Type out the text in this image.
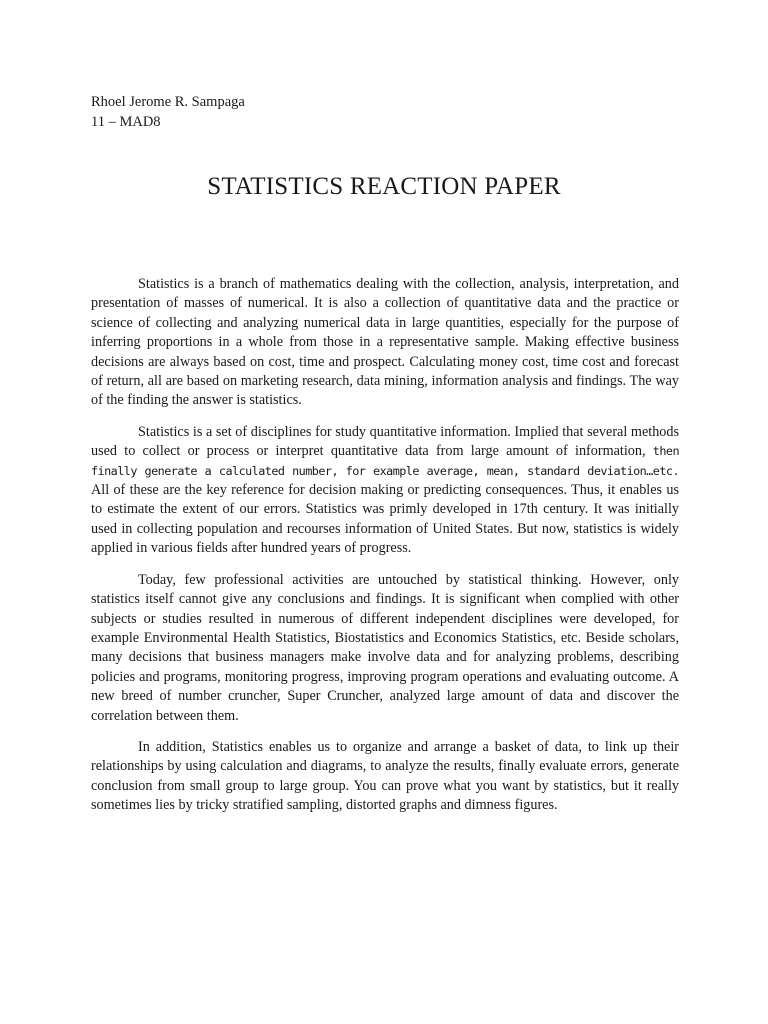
Rhoel Jerome R. Sampaga
11 – MAD8
STATISTICS REACTION PAPER

Statistics is a branch of mathematics dealing with the collection, analysis, interpretation, and presentation of masses of numerical. It is also a collection of quantitative data and the practice or science of collecting and analyzing numerical data in large quantities, especially for the purpose of inferring proportions in a whole from those in a representative sample. Making effective business decisions are always based on cost, time and prospect. Calculating money cost, time cost and forecast of return, all are based on marketing research, data mining, information analysis and findings. The way of the finding the answer is statistics.

Statistics is a set of disciplines for study quantitative information. Implied that several methods used to collect or process or interpret quantitative data from large amount of information, then finally generate a calculated number, for example average, mean, standard deviation…etc. All of these are the key reference for decision making or predicting consequences. Thus, it enables us to estimate the extent of our errors. Statistics was primly developed in 17th century. It was initially used in collecting population and recourses information of United States. But now, statistics is widely applied in various fields after hundred years of progress.

Today, few professional activities are untouched by statistical thinking. However, only statistics itself cannot give any conclusions and findings. It is significant when complied with other subjects or studies resulted in numerous of different independent disciplines were developed, for example Environmental Health Statistics, Biostatistics and Economics Statistics, etc. Beside scholars, many decisions that business managers make involve data and for analyzing problems, describing policies and programs, monitoring progress, improving program operations and evaluating outcome. A new breed of number cruncher, Super Cruncher, analyzed large amount of data and discover the correlation between them.

In addition, Statistics enables us to organize and arrange a basket of data, to link up their relationships by using calculation and diagrams, to analyze the results, finally evaluate errors, generate conclusion from small group to large group. You can prove what you want by statistics, but it really sometimes lies by tricky stratified sampling, distorted graphs and dimness figures.
